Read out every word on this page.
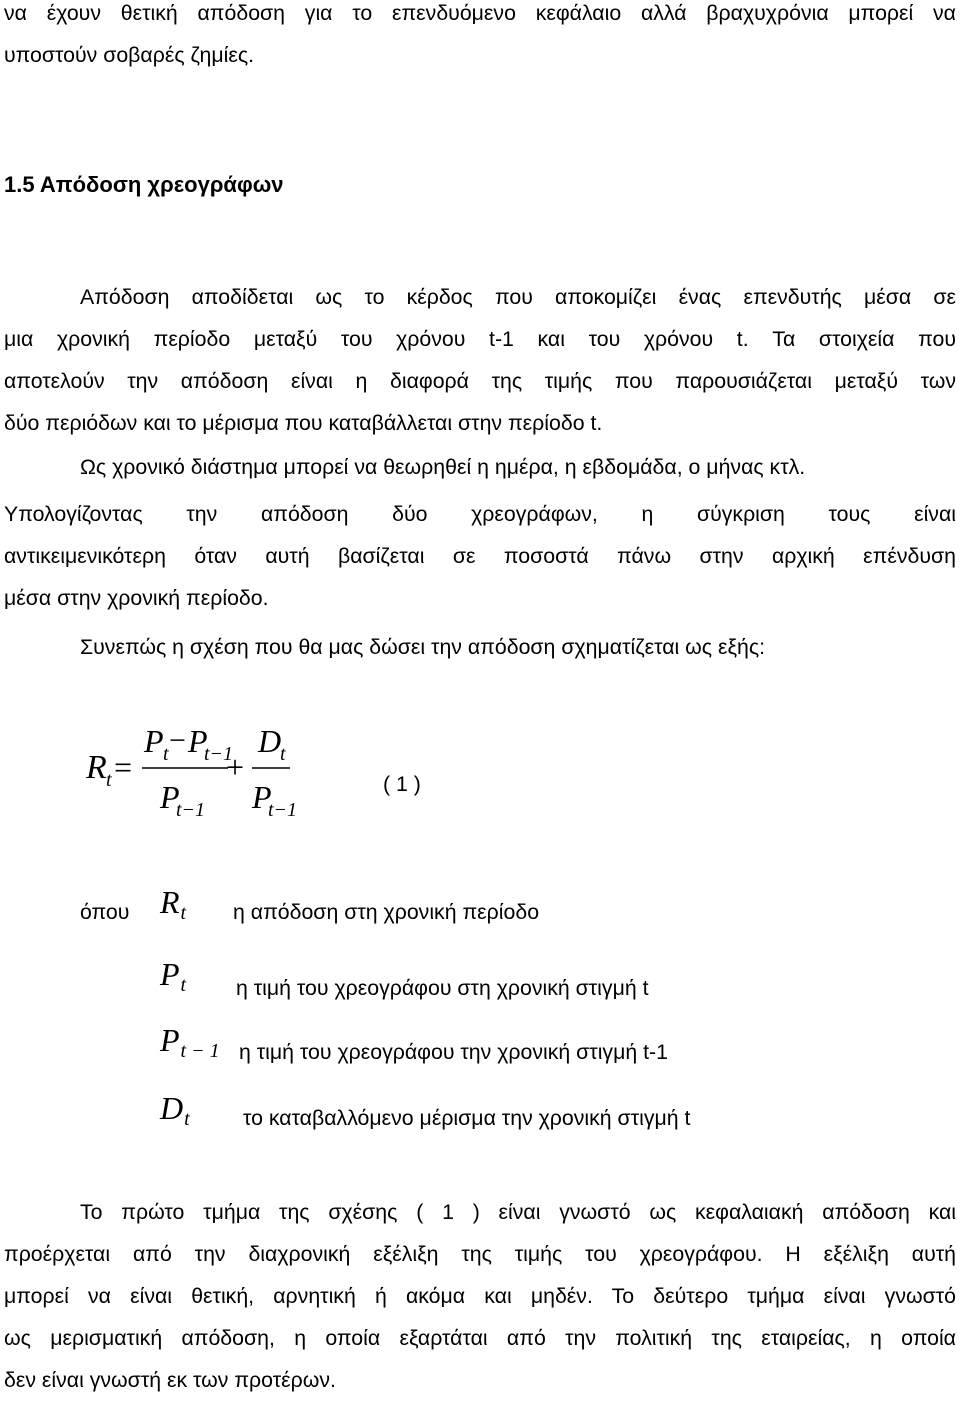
να έχουν θετική απόδοση για το επενδυόμενο κεφάλαιο αλλά βραχυχρόνια μπορεί να
υποστούν σοβαρές ζημίες.
1.5 Απόδοση χρεογράφων
Απόδοση αποδίδεται ως το κέρδος που αποκομίζει ένας επενδυτής μέσα σε
μια χρονική περίοδο μεταξύ του χρόνου t-1 και του χρόνου t. Τα στοιχεία που
αποτελούν την απόδοση είναι η διαφορά της τιμής που παρουσιάζεται μεταξύ των
δύο περιόδων και το μέρισμα που καταβάλλεται στην περίοδο t.
Ως χρονικό διάστημα μπορεί να θεωρηθεί η ημέρα, η εβδομάδα, ο μήνας κτλ.
Υπολογίζοντας την απόδοση δύο χρεογράφων, η σύγκριση τους είναι
αντικειμενικότερη όταν αυτή βασίζεται σε ποσοστά πάνω στην αρχική επένδυση
μέσα στην χρονική περίοδο.
Συνεπώς η σχέση που θα μας δώσει την απόδοση σχηματίζεται ως εξής:
R t =
P t − P
t−1
P
t−1
+
D
t
P
t−1
( 1 )
όπου $R_t$ η απόδοση στη χρονική περίοδο
$P_t$ η τιμή του χρεογράφου στη χρονική στιγμή t
$P_{t - 1}$ η τιμή του χρεογράφου την χρονική στιγμή t-1
$D_t$	το καταβαλλόμενο μέρισμα την χρονική στιγμή t
Το πρώτο τμήμα της σχέσης ( 1 ) είναι γνωστό ως κεφαλαιακή απόδοση και
προέρχεται από την διαχρονική εξέλιξη της τιμής του χρεογράφου. Η εξέλιξη αυτή
μπορεί να είναι θετική, αρνητική ή ακόμα και μηδέν. Το δεύτερο τμήμα είναι γνωστό
ως μερισματική απόδοση, η οποία εξαρτάται από την πολιτική της εταιρείας, η οποία
δεν είναι γνωστή εκ των προτέρων.
